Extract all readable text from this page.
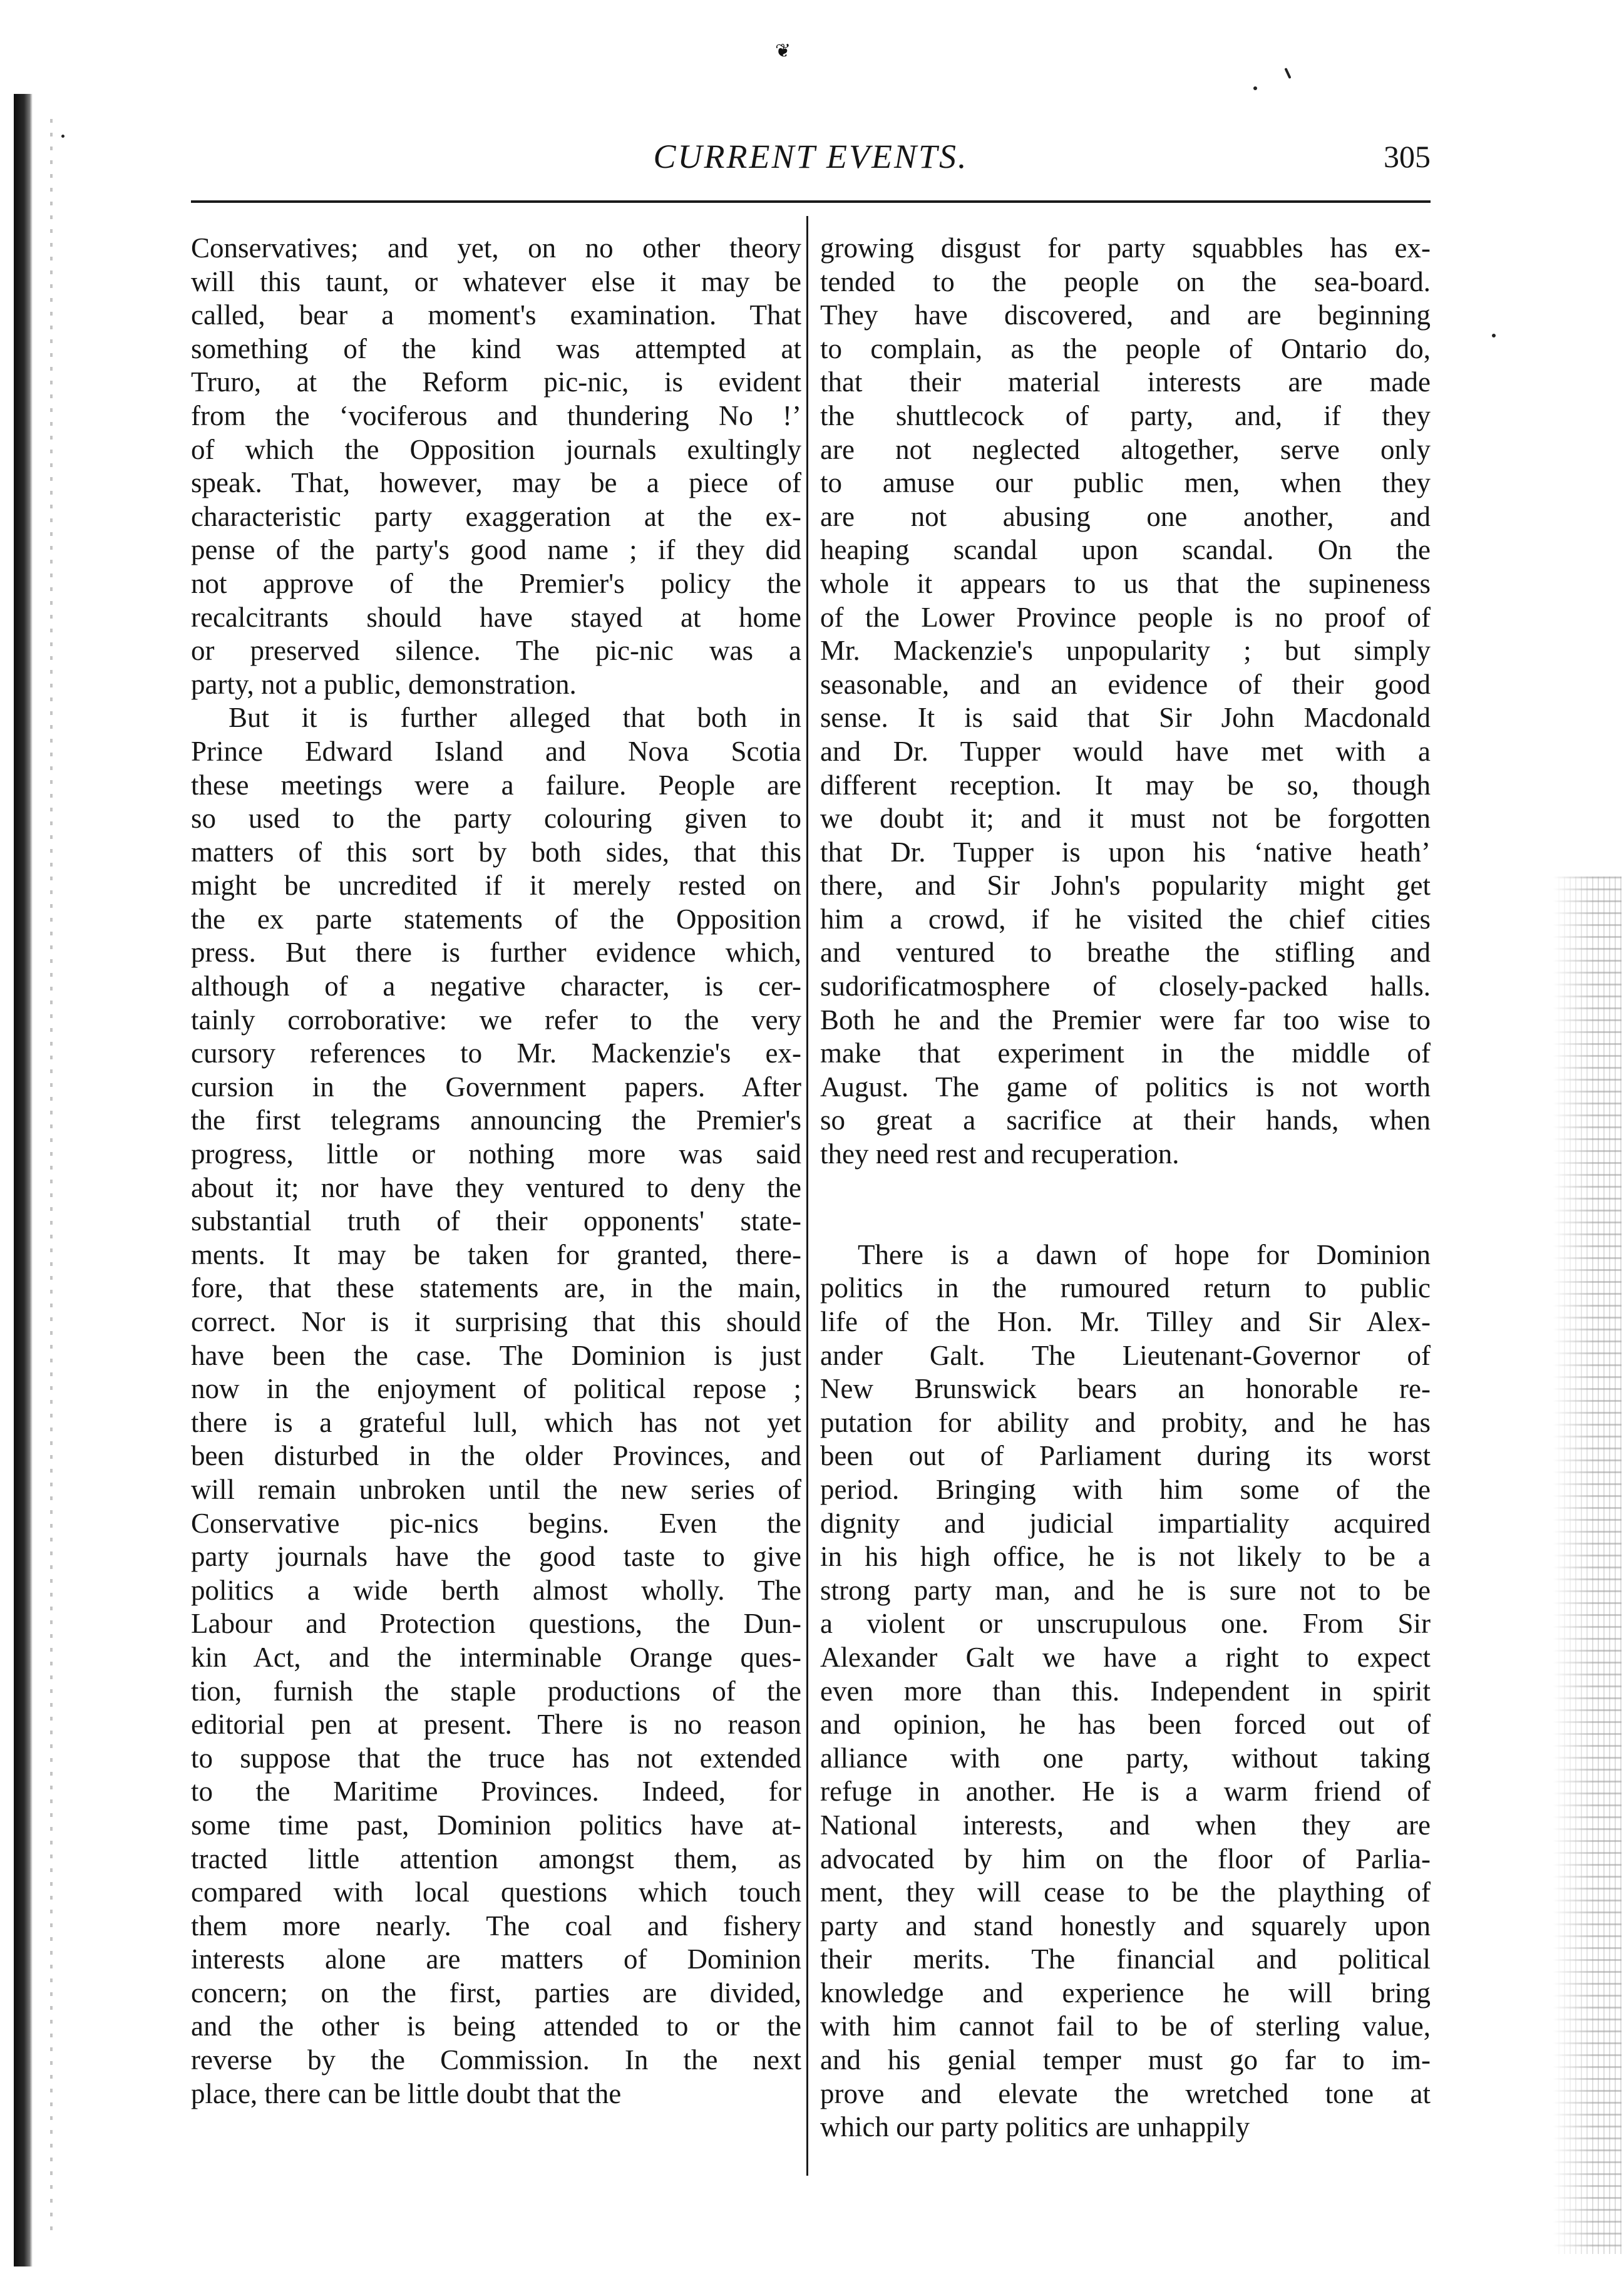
❦
CURRENT EVENTS.	305
Conservatives; and yet, on no other theory
will this taunt, or whatever else it may be
called, bear a moment's examination. That
something of the kind was attempted at
Truro, at the Reform pic-nic, is evident
from the ‘vociferous and thundering No !’
of which the Opposition journals exultingly
speak. That, however, may be a piece of
characteristic party exaggeration at the ex-
pense of the party's good name ; if they did
not approve of the Premier's policy the
recalcitrants should have stayed at home
or preserved silence. The pic-nic was a
party, not a public, demonstration.
But it is further alleged that both in
Prince Edward Island and Nova Scotia
these meetings were a failure. People are
so used to the party colouring given to
matters of this sort by both sides, that this
might be uncredited if it merely rested on
the ex parte statements of the Opposition
press. But there is further evidence which,
although of a negative character, is cer-
tainly corroborative: we refer to the very
cursory references to Mr. Mackenzie's ex-
cursion in the Government papers. After
the first telegrams announcing the Premier's
progress, little or nothing more was said
about it; nor have they ventured to deny the
substantial truth of their opponents' state-
ments. It may be taken for granted, there-
fore, that these statements are, in the main,
correct. Nor is it surprising that this should
have been the case. The Dominion is just
now in the enjoyment of political repose ;
there is a grateful lull, which has not yet
been disturbed in the older Provinces, and
will remain unbroken until the new series of
Conservative pic-nics begins. Even the
party journals have the good taste to give
politics a wide berth almost wholly. The
Labour and Protection questions, the Dun-
kin Act, and the interminable Orange ques-
tion, furnish the staple productions of the
editorial pen at present. There is no reason
to suppose that the truce has not extended
to the Maritime Provinces. Indeed, for
some time past, Dominion politics have at-
tracted little attention amongst them, as
compared with local questions which touch
them more nearly. The coal and fishery
interests alone are matters of Dominion
concern; on the first, parties are divided,
and the other is being attended to or the
reverse by the Commission. In the next
place, there can be little doubt that the
growing disgust for party squabbles has ex-
tended to the people on the sea-board.
They have discovered, and are beginning
to complain, as the people of Ontario do,
that their material interests are made
the shuttlecock of party, and, if they
are not neglected altogether, serve only
to amuse our public men, when they
are not abusing one another, and
heaping scandal upon scandal. On the
whole it appears to us that the supineness
of the Lower Province people is no proof of
Mr. Mackenzie's unpopularity ; but simply
seasonable, and an evidence of their good
sense. It is said that Sir John Macdonald
and Dr. Tupper would have met with a
different reception. It may be so, though
we doubt it; and it must not be forgotten
that Dr. Tupper is upon his ‘native heath’
there, and Sir John's popularity might get
him a crowd, if he visited the chief cities
and ventured to breathe the stifling and
sudorificatmosphere of closely-packed halls.
Both he and the Premier were far too wise to
make that experiment in the middle of
August. The game of politics is not worth
so great a sacrifice at their hands, when
they need rest and recuperation.
There is a dawn of hope for Dominion
politics in the rumoured return to public
life of the Hon. Mr. Tilley and Sir Alex-
ander Galt. The Lieutenant-Governor of
New Brunswick bears an honorable re-
putation for ability and probity, and he has
been out of Parliament during its worst
period. Bringing with him some of the
dignity and judicial impartiality acquired
in his high office, he is not likely to be a
strong party man, and he is sure not to be
a violent or unscrupulous one. From Sir
Alexander Galt we have a right to expect
even more than this. Independent in spirit
and opinion, he has been forced out of
alliance with one party, without taking
refuge in another. He is a warm friend of
National interests, and when they are
advocated by him on the floor of Parlia-
ment, they will cease to be the plaything of
party and stand honestly and squarely upon
their merits. The financial and political
knowledge and experience he will bring
with him cannot fail to be of sterling value,
and his genial temper must go far to im-
prove and elevate the wretched tone at
which our party politics are unhappily
